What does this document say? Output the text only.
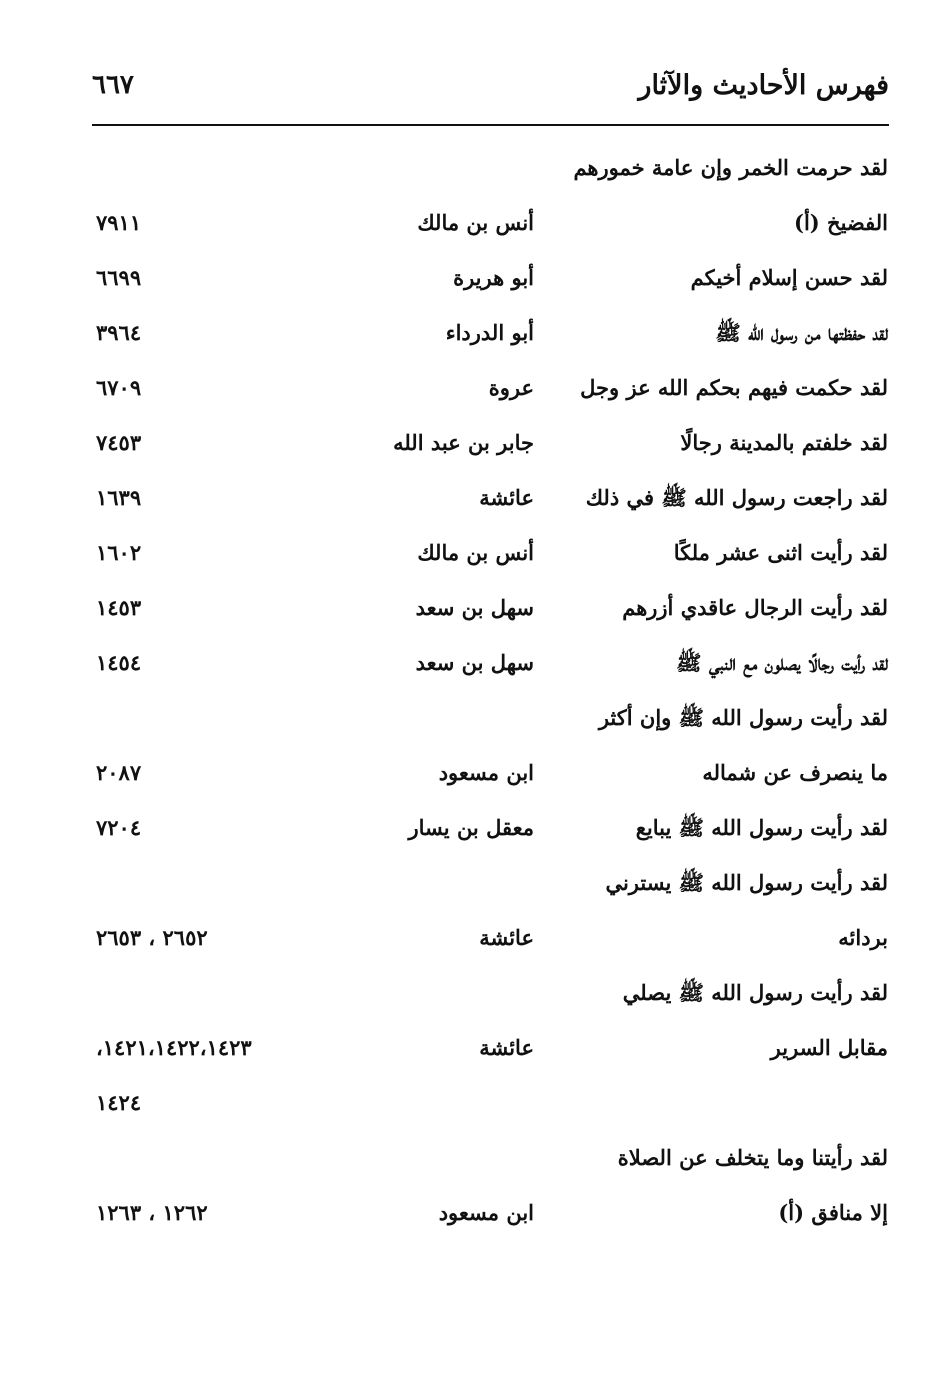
فهرس الأحاديث والآثار
٦٦٧
لقد حرمت الخمر وإن عامة خمورهم
الفضيخ (أ)
أنس بن مالك
٧٩١١
لقد حسن إسلام أخيكم
أبو هريرة
٦٦٩٩
لقد حفظتها من رسول الله ﷺ
أبو الدرداء
٣٩٦٤
لقد حكمت فيهم بحكم الله عز وجل
عروة
٦٧٠٩
لقد خلفتم بالمدينة رجالًا
جابر بن عبد الله
٧٤٥٣
لقد راجعت رسول الله ﷺ في ذلك
عائشة
١٦٣٩
لقد رأيت اثنى عشر ملكًا
أنس بن مالك
١٦٠٢
لقد رأيت الرجال عاقدي أزرهم
سهل بن سعد
١٤٥٣
لقد رأيت رجالًا يصلون مع النبي ﷺ
سهل بن سعد
١٤٥٤
لقد رأيت رسول الله ﷺ وإن أكثر
ما ينصرف عن شماله
ابن مسعود
٢٠٨٧
لقد رأيت رسول الله ﷺ يبايع
معقل بن يسار
٧٢٠٤
لقد رأيت رسول الله ﷺ يسترني
بردائه
عائشة
٢٦٥٢ ، ٢٦٥٣
لقد رأيت رسول الله ﷺ يصلي
مقابل السرير
عائشة
١٤٢١،١٤٢٢،١٤٢٣،
١٤٢٤
لقد رأيتنا وما يتخلف عن الصلاة
إلا منافق (أ)
ابن مسعود
١٢٦٢ ، ١٢٦٣
